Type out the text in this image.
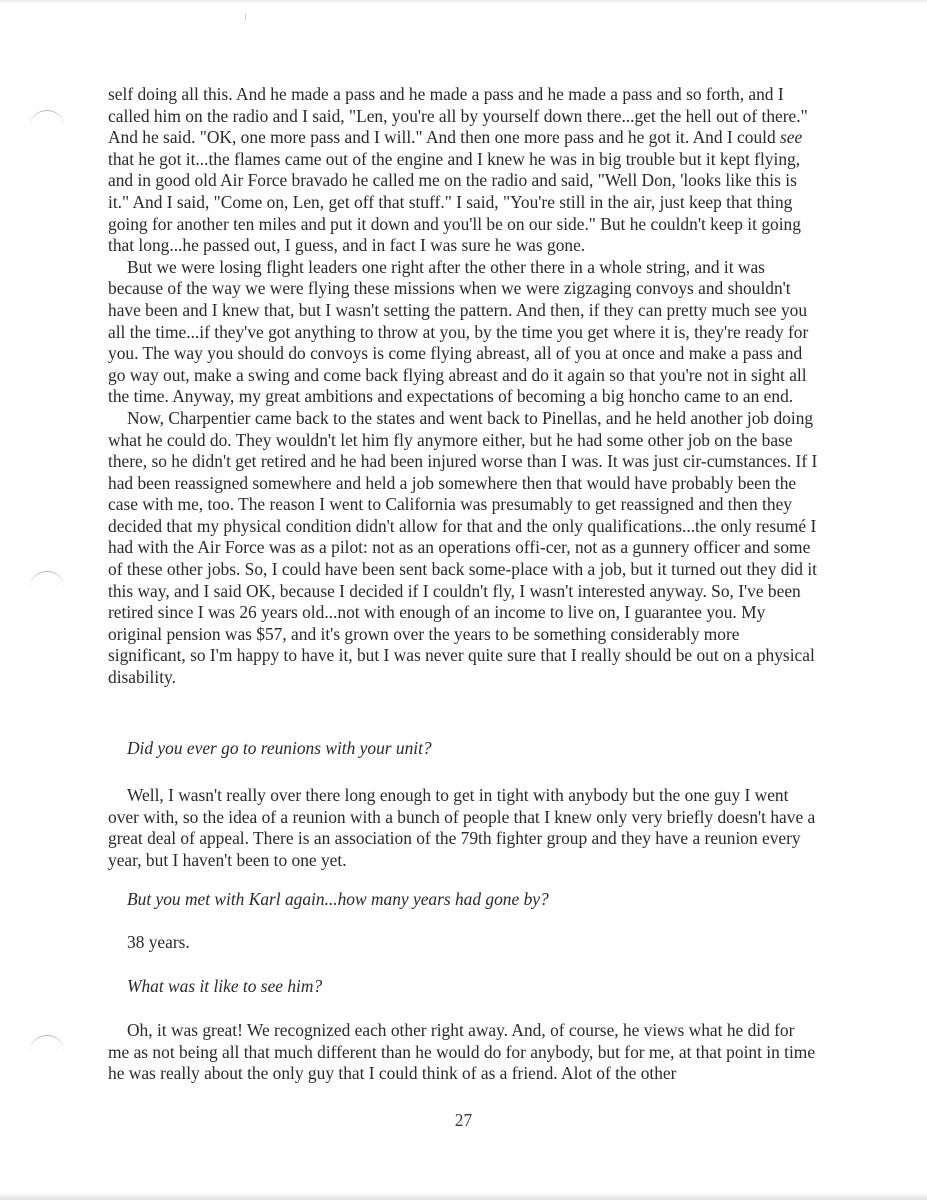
self doing all this. And he made a pass and he made a pass and he made a pass and so forth, and I called him on the radio and I said, "Len, you're all by yourself down there...get the hell out of there." And he said. "OK, one more pass and I will." And then one more pass and he got it. And I could see that he got it...the flames came out of the engine and I knew he was in big trouble but it kept flying, and in good old Air Force bravado he called me on the radio and said, "Well Don, 'looks like this is it." And I said, "Come on, Len, get off that stuff." I said, "You're still in the air, just keep that thing going for another ten miles and put it down and you'll be on our side." But he couldn't keep it going that long...he passed out, I guess, and in fact I was sure he was gone.

But we were losing flight leaders one right after the other there in a whole string, and it was because of the way we were flying these missions when we were zigzaging convoys and shouldn't have been and I knew that, but I wasn't setting the pattern. And then, if they can pretty much see you all the time...if they've got anything to throw at you, by the time you get where it is, they're ready for you. The way you should do convoys is come flying abreast, all of you at once and make a pass and go way out, make a swing and come back flying abreast and do it again so that you're not in sight all the time. Anyway, my great ambitions and expectations of becoming a big honcho came to an end.

Now, Charpentier came back to the states and went back to Pinellas, and he held another job doing what he could do. They wouldn't let him fly anymore either, but he had some other job on the base there, so he didn't get retired and he had been injured worse than I was. It was just cir-cumstances. If I had been reassigned somewhere and held a job somewhere then that would have probably been the case with me, too. The reason I went to California was presumably to get reassigned and then they decided that my physical condition didn't allow for that and the only qualifications...the only resumé I had with the Air Force was as a pilot: not as an operations offi-cer, not as a gunnery officer and some of these other jobs. So, I could have been sent back some-place with a job, but it turned out they did it this way, and I said OK, because I decided if I couldn't fly, I wasn't interested anyway. So, I've been retired since I was 26 years old...not with enough of an income to live on, I guarantee you. My original pension was $57, and it's grown over the years to be something considerably more significant, so I'm happy to have it, but I was never quite sure that I really should be out on a physical disability.

Did you ever go to reunions with your unit?

Well, I wasn't really over there long enough to get in tight with anybody but the one guy I went over with, so the idea of a reunion with a bunch of people that I knew only very briefly doesn't have a great deal of appeal. There is an association of the 79th fighter group and they have a reunion every year, but I haven't been to one yet.

But you met with Karl again...how many years had gone by?

38 years.

What was it like to see him?

Oh, it was great! We recognized each other right away. And, of course, he views what he did for me as not being all that much different than he would do for anybody, but for me, at that point in time he was really about the only guy that I could think of as a friend. Alot of the other

27
